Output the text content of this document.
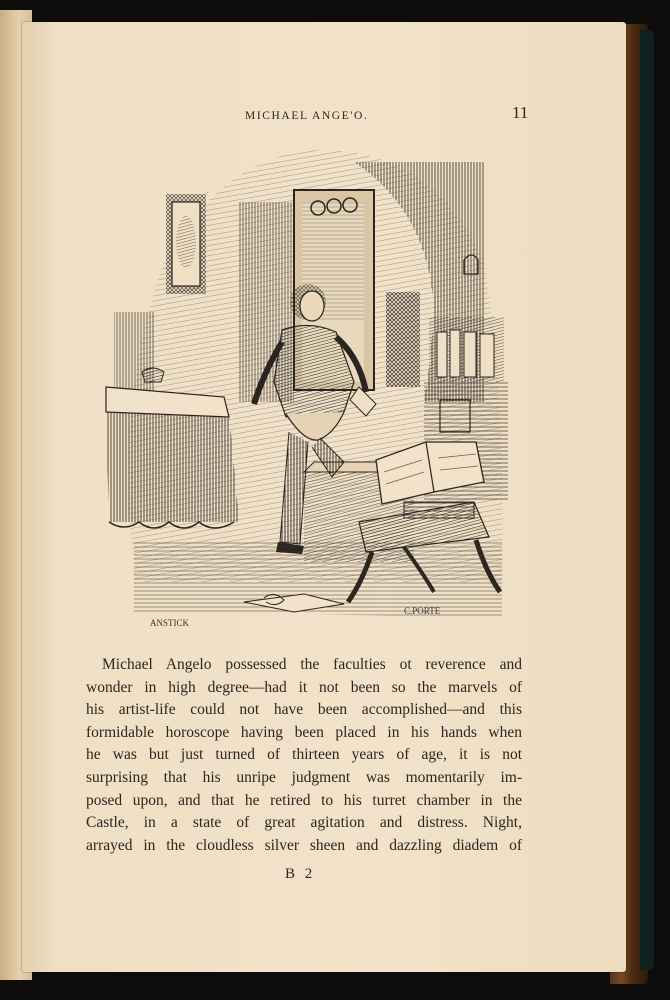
MICHAEL ANGE'O.	11
ANSTICK
C.PORTE
Michael Angelo possessed the faculties ot reverence and
wonder in high degree—had it not been so the marvels of
his artist-life could not have been accomplished—and this
formidable horoscope having been placed in his hands when
he was but just turned of thirteen years of age, it is not
surprising that his unripe judgment was momentarily im-
posed upon, and that he retired to his turret chamber in the
Castle, in a state of great agitation and distress. Night,
arrayed in the cloudless silver sheen and dazzling diadem of
B 2
